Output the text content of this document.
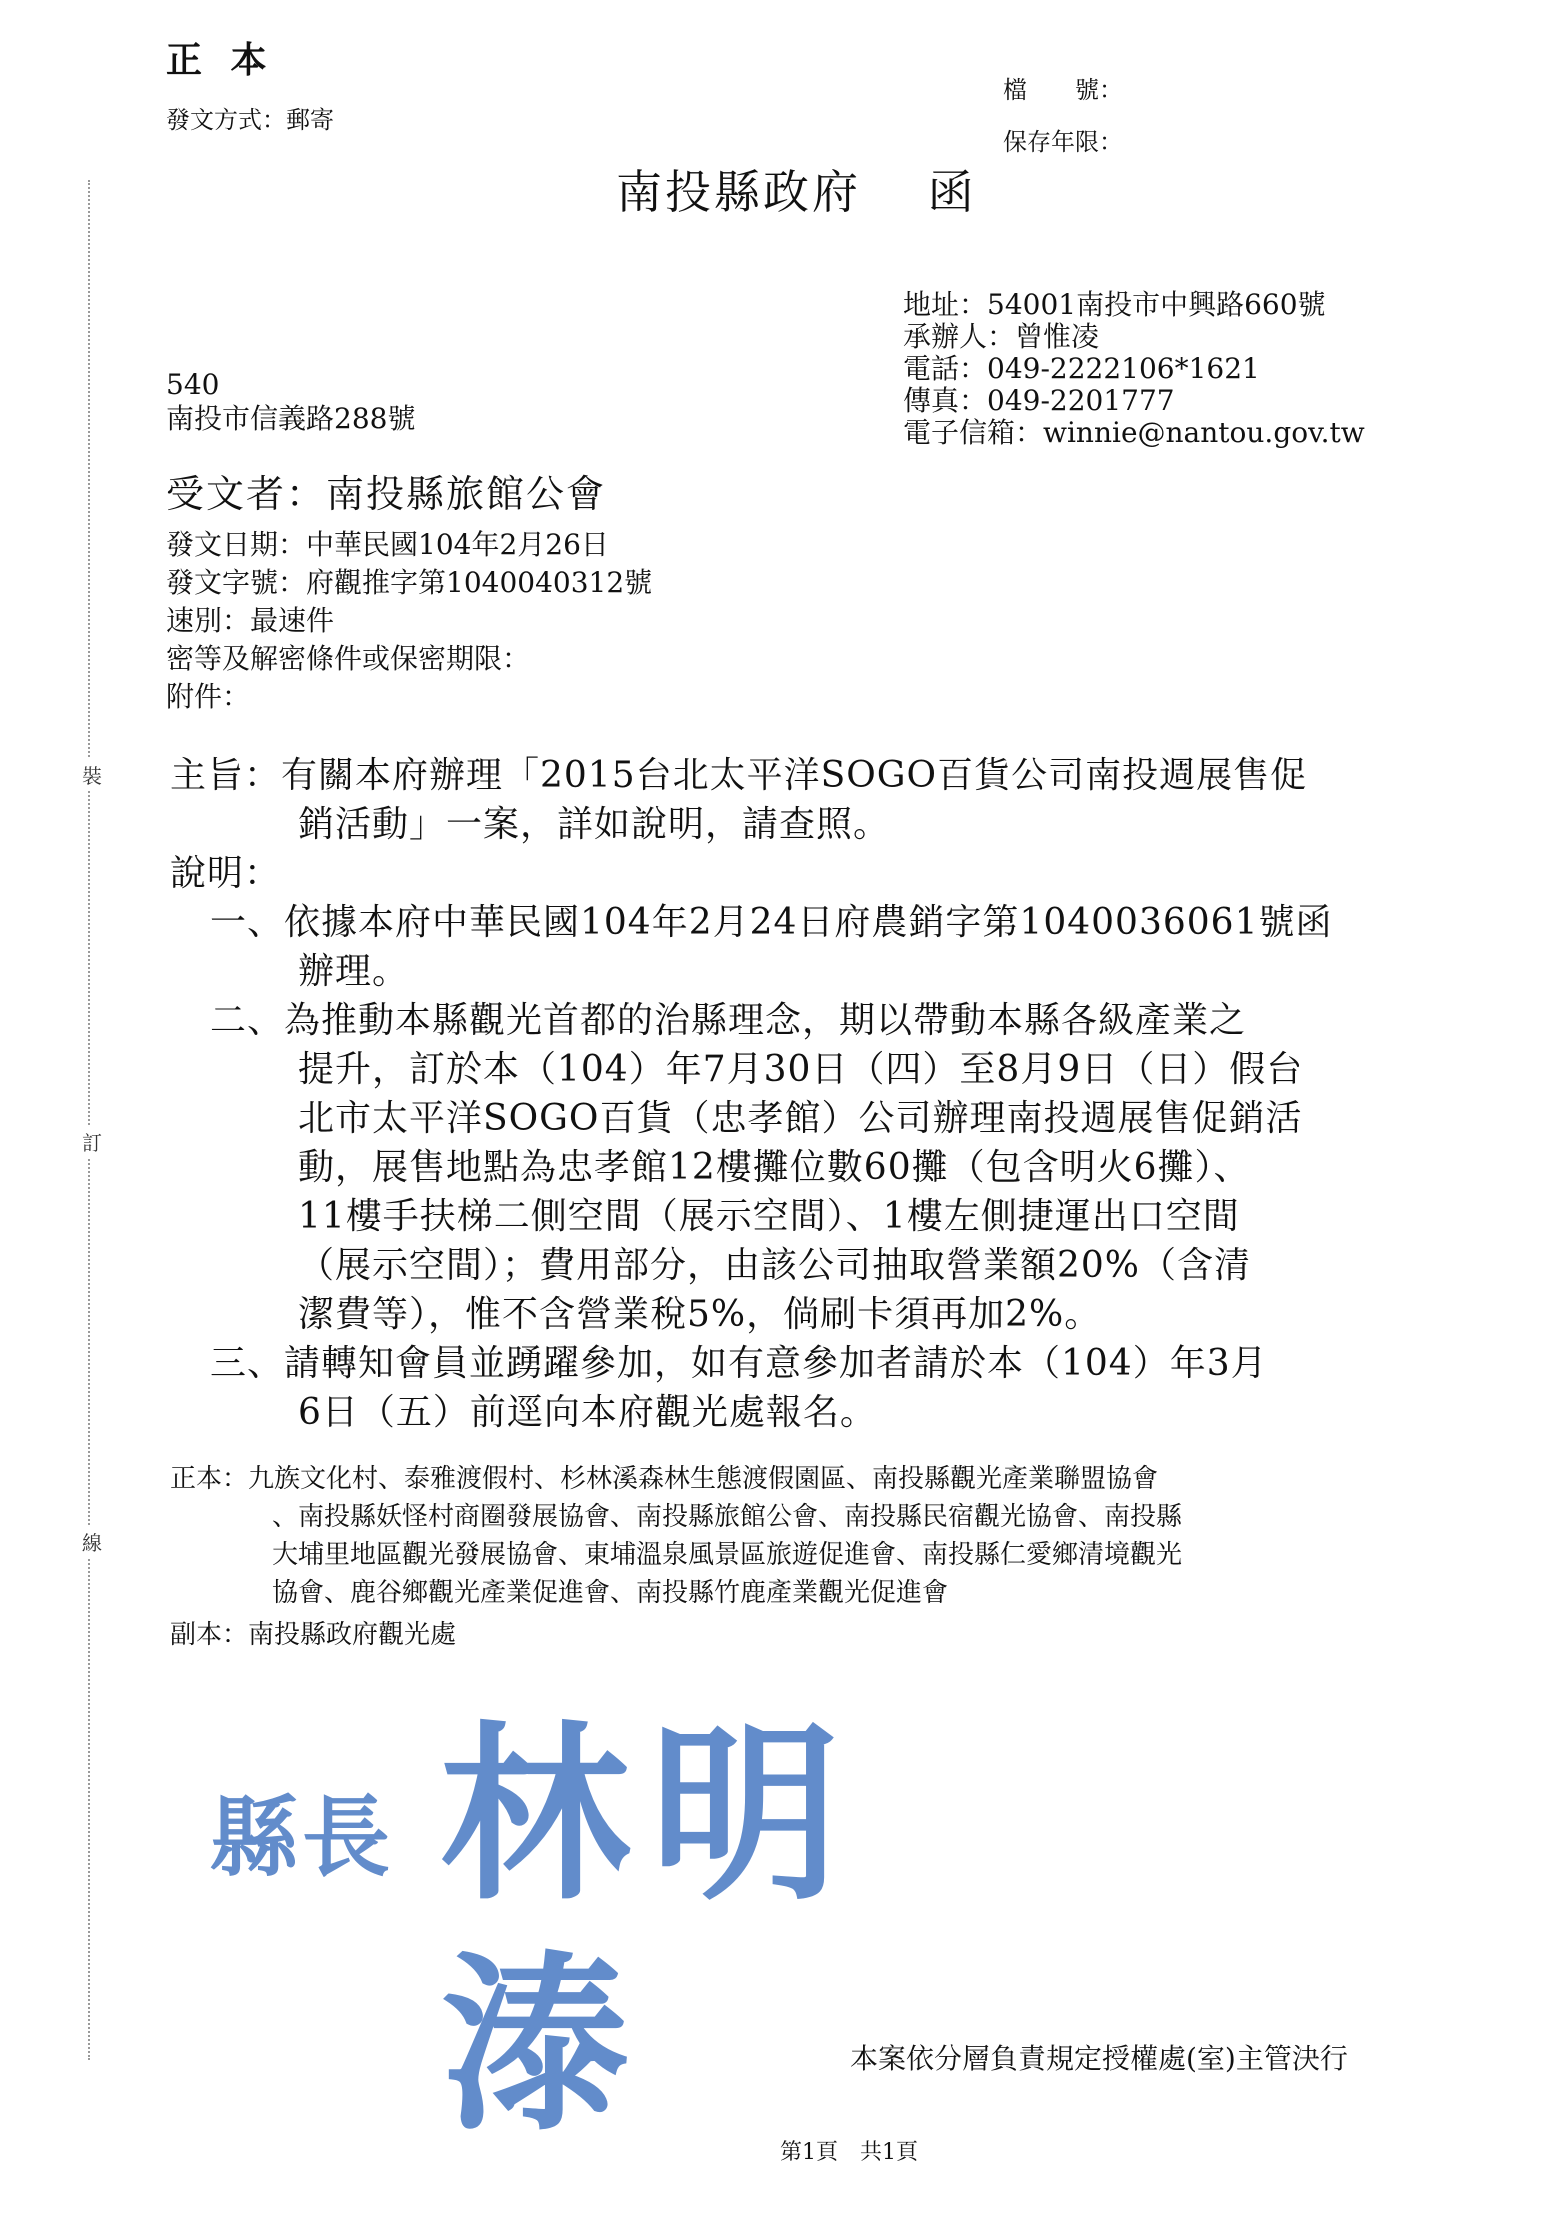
裝
訂
線
正 本
發文方式：郵寄
檔　　號：
保存年限：
南投縣政府　 函
地址：54001南投市中興路660號
承辦人：曾惟凌
電話：049-2222106*1621
傳真：049-2201777
電子信箱：winnie@nantou.gov.tw
540
南投市信義路288號
受文者：南投縣旅館公會
發文日期：中華民國104年2月26日
發文字號：府觀推字第1040040312號
速別：最速件
密等及解密條件或保密期限：
附件：
主旨：有關本府辦理「2015台北太平洋SOGO百貨公司南投週展售促
銷活動」一案，詳如說明，請查照。
說明：
一、依據本府中華民國104年2月24日府農銷字第1040036061號函
辦理。
二、為推動本縣觀光首都的治縣理念，期以帶動本縣各級產業之
提升，訂於本（104）年7月30日（四）至8月9日（日）假台
北市太平洋SOGO百貨（忠孝館）公司辦理南投週展售促銷活
動，展售地點為忠孝館12樓攤位數60攤（包含明火6攤）、
11樓手扶梯二側空間（展示空間）、1樓左側捷運出口空間
（展示空間）；費用部分，由該公司抽取營業額20%（含清
潔費等），惟不含營業稅5%，倘刷卡須再加2%。
三、請轉知會員並踴躍參加，如有意參加者請於本（104）年3月
6日（五）前逕向本府觀光處報名。
正本：九族文化村、泰雅渡假村、杉林溪森林生態渡假園區、南投縣觀光產業聯盟協會
、南投縣妖怪村商圈發展協會、南投縣旅館公會、南投縣民宿觀光協會、南投縣
大埔里地區觀光發展協會、東埔溫泉風景區旅遊促進會、南投縣仁愛鄉清境觀光
協會、鹿谷鄉觀光產業促進會、南投縣竹鹿產業觀光促進會
副本：南投縣政府觀光處
縣長 林明溙	本案依分層負責規定授權處(室)主管決行
第1頁　共1頁
